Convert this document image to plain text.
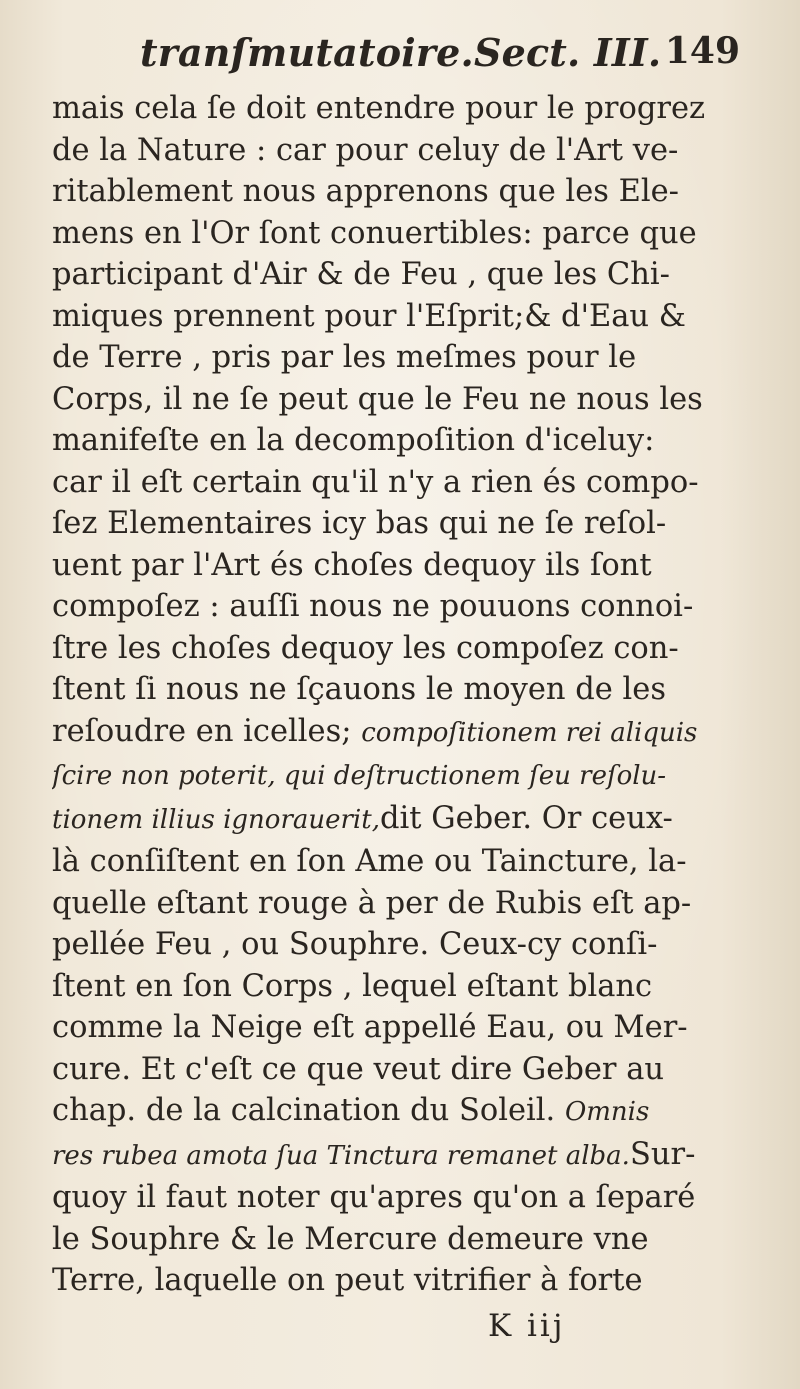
tranſmutatoire.Sect. III. 149
mais cela ſe doit entendre pour le progrez
de la Nature : car pour celuy de l'Art ve-
ritablement nous apprenons que les Ele-
mens en l'Or ſont conuertibles: parce que
participant d'Air & de Feu , que les Chi-
miques prennent pour l'Eſprit;& d'Eau &
de Terre , pris par les meſmes pour le
Corps, il ne ſe peut que le Feu ne nous les
manifeſte en la decompoſition d'iceluy:
car il eſt certain qu'il n'y a rien és compo-
ſez Elementaires icy bas qui ne ſe reſol-
uent par l'Art és choſes dequoy ils ſont
compoſez : auſſi nous ne pouuons connoi-
ſtre les choſes dequoy les compoſez con-
ſtent ſi nous ne ſçauons le moyen de les
reſoudre en icelles; compoſitionem rei aliquis
ſcire non poterit, qui deſtructionem ſeu reſolu-
tionem illius ignorauerit,dit Geber. Or ceux-
là conſiſtent en ſon Ame ou Taincture, la-
quelle eſtant rouge à per de Rubis eſt ap-
pellée Feu , ou Souphre. Ceux-cy conſi-
ſtent en ſon Corps , lequel eſtant blanc
comme la Neige eſt appellé Eau, ou Mer-
cure. Et c'eſt ce que veut dire Geber au
chap. de la calcination du Soleil. Omnis
res rubea amota ſua Tinctura remanet alba.Sur-
quoy il faut noter qu'apres qu'on a ſeparé
le Souphre & le Mercure demeure vne
Terre, laquelle on peut vitrifier à forte
K iij
